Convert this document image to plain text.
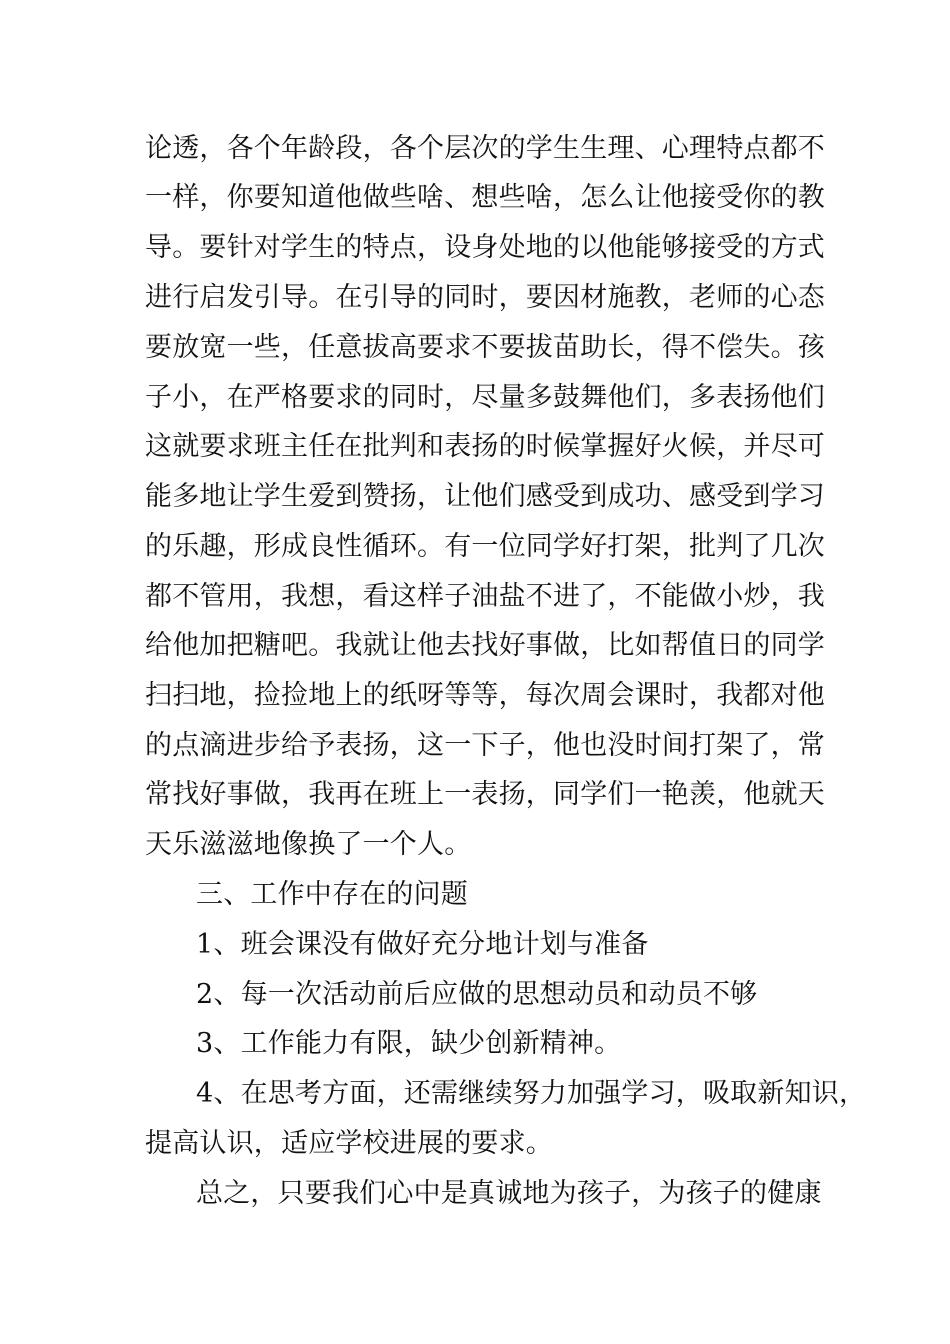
论透，各个年龄段，各个层次的学生生理、心理特点都不
一样，你要知道他做些啥、想些啥，怎么让他接受你的教
导。要针对学生的特点，设身处地的以他能够接受的方式
进行启发引导。在引导的同时，要因材施教，老师的心态
要放宽一些，任意拔高要求不要拔苗助长，得不偿失。孩
子小，在严格要求的同时，尽量多鼓舞他们，多表扬他们
这就要求班主任在批判和表扬的时候掌握好火候，并尽可
能多地让学生爱到赞扬，让他们感受到成功、感受到学习
的乐趣，形成良性循环。有一位同学好打架，批判了几次
都不管用，我想，看这样子油盐不进了，不能做小炒，我
给他加把糖吧。我就让他去找好事做，比如帮值日的同学
扫扫地，捡捡地上的纸呀等等，每次周会课时，我都对他
的点滴进步给予表扬，这一下子，他也没时间打架了，常
常找好事做，我再在班上一表扬，同学们一艳羡，他就天
天乐滋滋地像换了一个人。
三、工作中存在的问题
1、班会课没有做好充分地计划与准备
2、每一次活动前后应做的思想动员和动员不够
3、工作能力有限，缺少创新精神。
4、在思考方面，还需继续努力加强学习，吸取新知识，
提高认识，适应学校进展的要求。
总之，只要我们心中是真诚地为孩子，为孩子的健康
